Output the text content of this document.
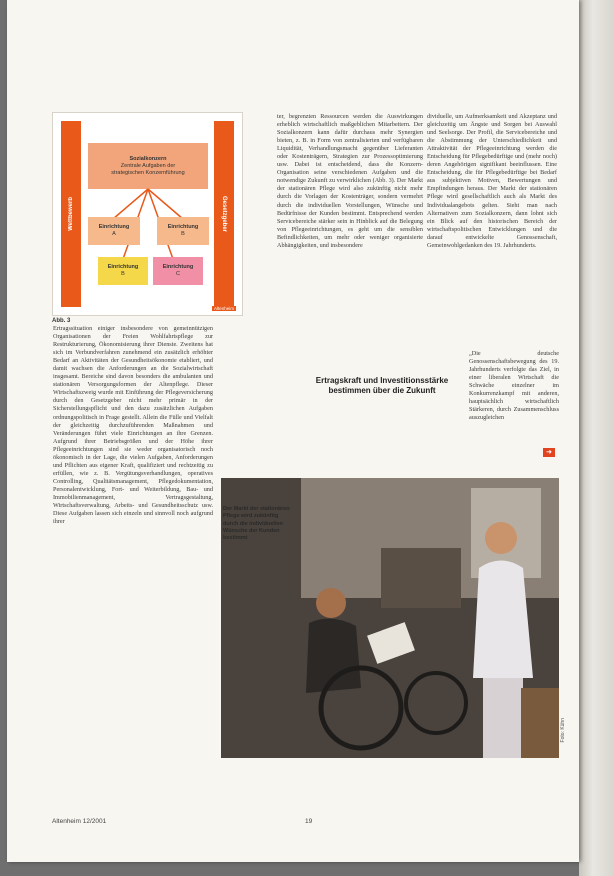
Wettbewerb	Gesetzgeber
Sozialkonzern
Zentrale Aufgaben der
strategischen Konzernführung
Einrichtung
A
Einrichtung
B
Einrichtung
B
Einrichtung
C
Altenheim
Abb. 3
Ertragssituation einiger insbesondere von gemeinnützigen Organisationen der Freien Wohlfahrtspflege zur Restrukturierung, Ökonomisierung ihrer Dienste. Zweitens hat sich im Verbundverfahren zunehmend ein zusätzlich erhöhter Bedarf an Aktivitäten der Gesundheitsökonomie etabliert, und damit wachsen die Anforderungen an die Sozialwirtschaft insgesamt. Bereiche sind davon besonders die ambulanten und stationären Versorgungsformen der Altenpflege. Dieser Wirtschaftszweig wurde mit Einführung der Pflegeversicherung durch den Gesetzgeber nicht mehr primär in der Sicherstellungspflicht und den dazu zusätzlichen Aufgaben ordnungspolitisch in Frage gestellt. Allein die Fülle und Vielfalt der gleichzeitig durchzuführenden Maßnahmen und Veränderungen führt viele Einrichtungen an ihre Grenzen. Aufgrund ihrer Betriebsgrößen und der Höhe ihrer Pflegeeinrichtungen sind sie weder organisatorisch noch ökonomisch in der Lage, die vielen Aufgaben, Anforderungen und Pflichten aus eigener Kraft, qualifiziert und rechtzeitig zu erfüllen, wie z. B. Vergütungsverhandlungen, operatives Controlling, Qualitätsmanagement, Pflegedokumentation, Personalentwicklung, Fort- und Weiterbildung, Bau- und Immobilienmanagement, Vertragsgestaltung, Wirtschaftsverwaltung, Arbeits- und Gesundheitsschutz usw. Diese Aufgaben lassen sich einzeln und sinnvoll noch aufgrund ihrer
ter, begrenzten Ressourcen werden die Auswirkungen erheblich wirtschaftlich maßgeblichen Mitarbeitern. Der Sozialkonzern kann dafür durchaus mehr Synergien bieten, z. B. in Form von zentralisierten und verfügbaren Liquidität, Verhandlungsmacht gegenüber Lieferanten oder Kostenträgern, Strategien zur Prozessoptimierung usw. Dabei ist entscheidend, dass die Konzern-Organisation seine verschiedenen Aufgaben und die notwendige Zukunft zu verwirklichen (Abb. 3). Der Markt der stationären Pflege wird also zukünftig nicht mehr durch die Vorlagen der Kostenträger, sondern vermehrt durch die individuellen Vorstellungen, Wünsche und Bedürfnisse der Kunden bestimmt. Entsprechend werden Servicebereiche stärker sein in Hinblick auf die Belegung von Pflegeeinrichtungen, es geht um die sensiblen Befindlichkeiten, um mehr oder weniger organisierte Abhängigkeiten, und insbesondere
dividuelle, um Aufmerksamkeit und Akzeptanz und gleichzeitig um Ängste und Sorgen bei Auswahl und Seelsorge. Der Profil, die Servicebereiche und die Abstimmung der Unterschiedlichkeit und Attraktivität der Pflegeeinrichtung werden die Entscheidung für Pflegebedürftige und (mehr noch) deren Angehörigen signifikant beeinflussen. Eine Entscheidung, die für Pflegebedürftige bei Bedarf aus subjektiven Motiven, Bewertungen und Empfindungen heraus. Der Markt der stationären Pflege wird gesellschaftlich auch als Markt des Individualangebots gelten. Sieht man nach Alternativen zum Sozialkonzern, dann lohnt sich ein Blick auf den historischen Bereich der wirtschaftspolitischen Entwicklungen und die darauf entwickelte Genossenschaft, Gemeinwohlgedanken des 19. Jahrhunderts.
„Die deutsche Genossenschaftsbewegung des 19. Jahrhunderts verfolgte das Ziel, in einer liberalen Wirtschaft die Schwäche einzelner im Konkurrenzkampf mit anderen, hauptsächlich wirtschaftlich Stärkeren, durch Zusammenschluss auszugleichen
Ertragskraft und Investitionsstärke bestimmen über die Zukunft
➜
Der Markt der stationären Pflege wird zukünftig durch die individuellen Wünsche der Kunden bestimmt
Foto: Kühn
Altenheim 12/2001	19
